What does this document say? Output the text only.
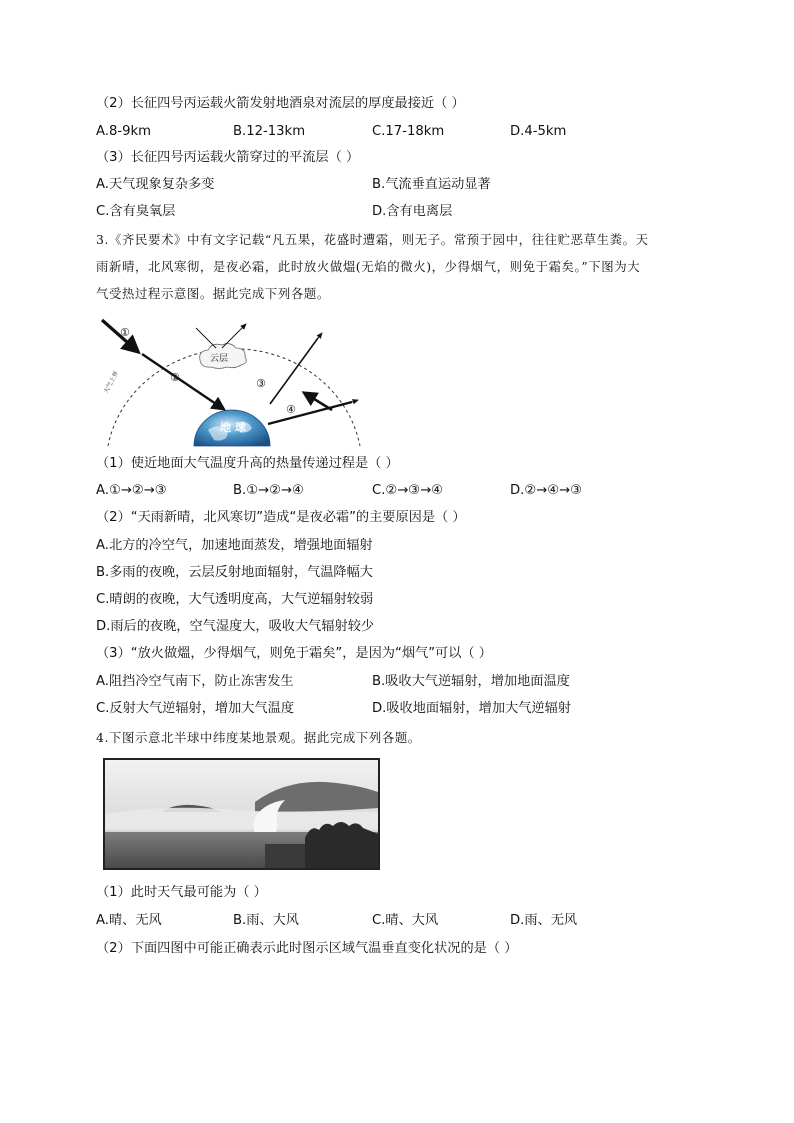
（2）长征四号丙运载火箭发射地酒泉对流层的厚度最接近（ ）
A.8-9km	B.12-13km	C.17-18km	D.4-5km
（3）长征四号丙运载火箭穿过的平流层（ ）
A.天气现象复杂多变	B.气流垂直运动显著
C.含有臭氧层	D.含有电离层
3.《齐民要术》中有文字记载“凡五果，花盛时遭霜，则无子。常预于园中，往往贮恶草生粪。天
雨新晴，北风寒彻，是夜必霜，此时放火做熅(无焰的微火)，少得烟气，则免于霜矣。”下图为大
气受热过程示意图。据此完成下列各题。
大气上界
地 球
云层
①
②	③
④
（1）使近地面大气温度升高的热量传递过程是（ ）
A.①→②→③	B.①→②→④	C.②→③→④	D.②→④→③
（2）“天雨新晴，北风寒切”造成“是夜必霜”的主要原因是（ ）
A.北方的冷空气，加速地面蒸发，增强地面辐射
B.多雨的夜晚，云层反射地面辐射，气温降幅大
C.晴朗的夜晚，大气透明度高，大气逆辐射较弱
D.雨后的夜晚，空气湿度大，吸收大气辐射较少
（3）“放火做熅，少得烟气，则免于霜矣”，是因为“烟气”可以（ ）
A.阻挡冷空气南下，防止冻害发生	B.吸收大气逆辐射，增加地面温度
C.反射大气逆辐射，增加大气温度	D.吸收地面辐射，增加大气逆辐射
4.下图示意北半球中纬度某地景观。据此完成下列各题。
（1）此时天气最可能为（ ）
A.晴、无风	B.雨、大风	C.晴、大风	D.雨、无风
（2）下面四图中可能正确表示此时图示区域气温垂直变化状况的是（ ）
